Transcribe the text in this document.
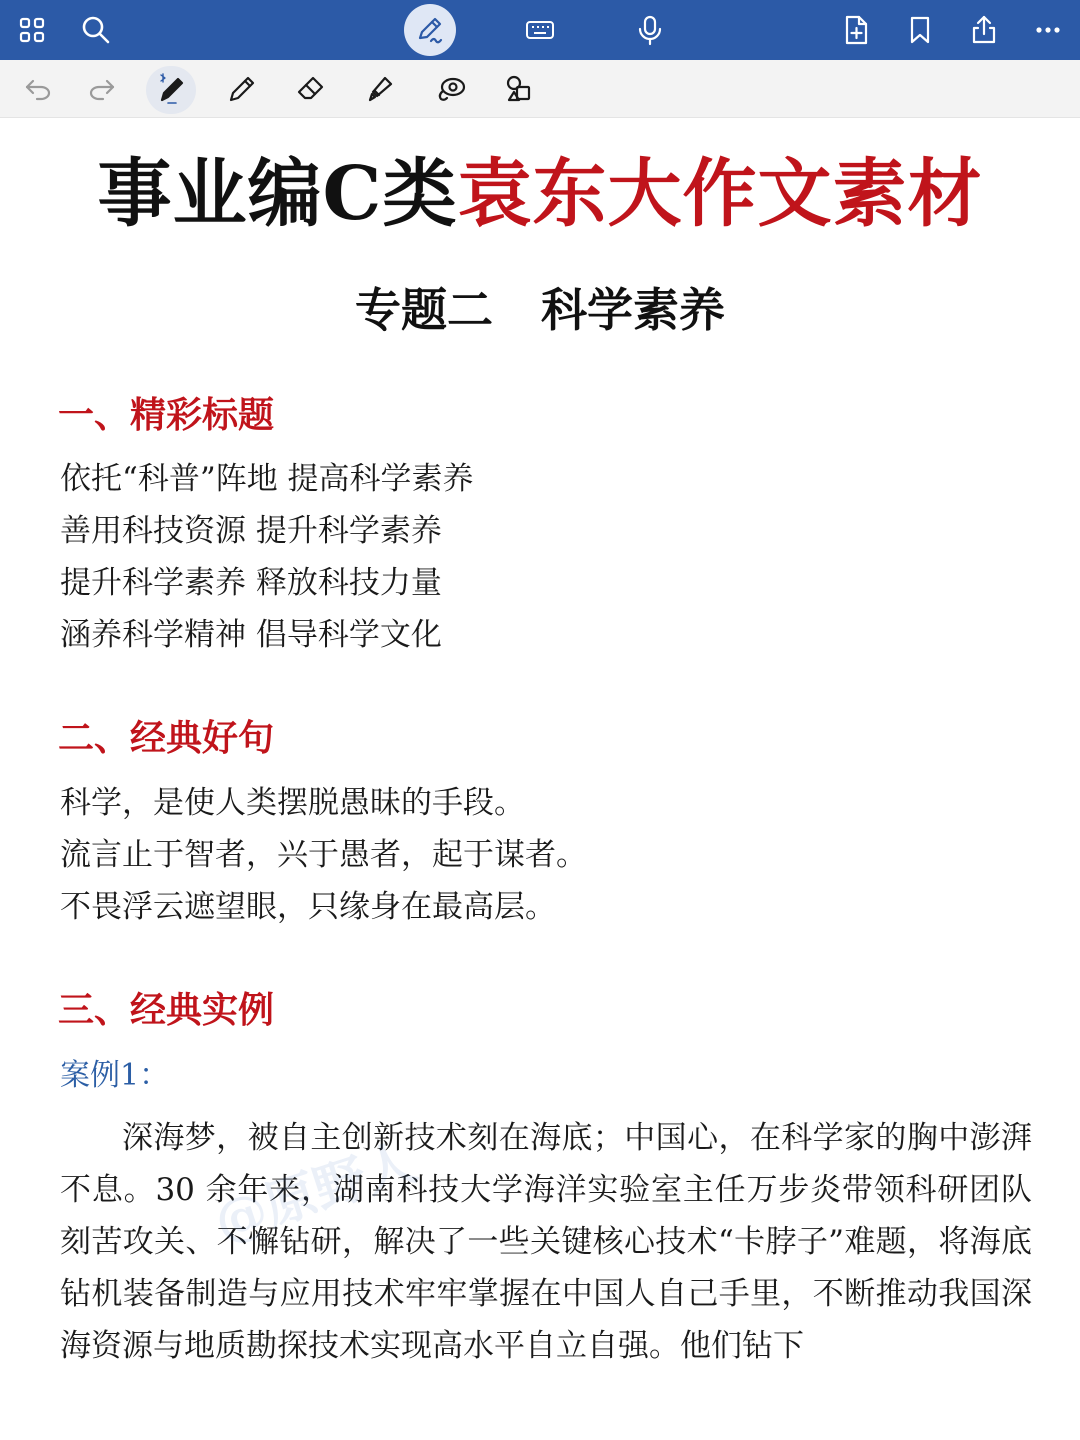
事业编C类袁东大作文素材
专题二   科学素养
一、精彩标题
依托“科普”阵地 提高科学素养
善用科技资源 提升科学素养
提升科学素养 释放科技力量
涵养科学精神 倡导科学文化
二、经典好句
科学，是使人类摆脱愚昧的手段。
流言止于智者，兴于愚者，起于谋者。
不畏浮云遮望眼，只缘身在最高层。
三、经典实例
案例1：
深海梦，被自主创新技术刻在海底；中国心，在科学家的胸中澎湃不息。30 余年来，湖南科技大学海洋实验室主任万步炎带领科研团队刻苦攻关、不懈钻研，解决了一些关键核心技术“卡脖子”难题，将海底钻机装备制造与应用技术牢牢掌握在中国人自己手里，不断推动我国深海资源与地质勘探技术实现高水平自立自强。他们钻下
@原野人
